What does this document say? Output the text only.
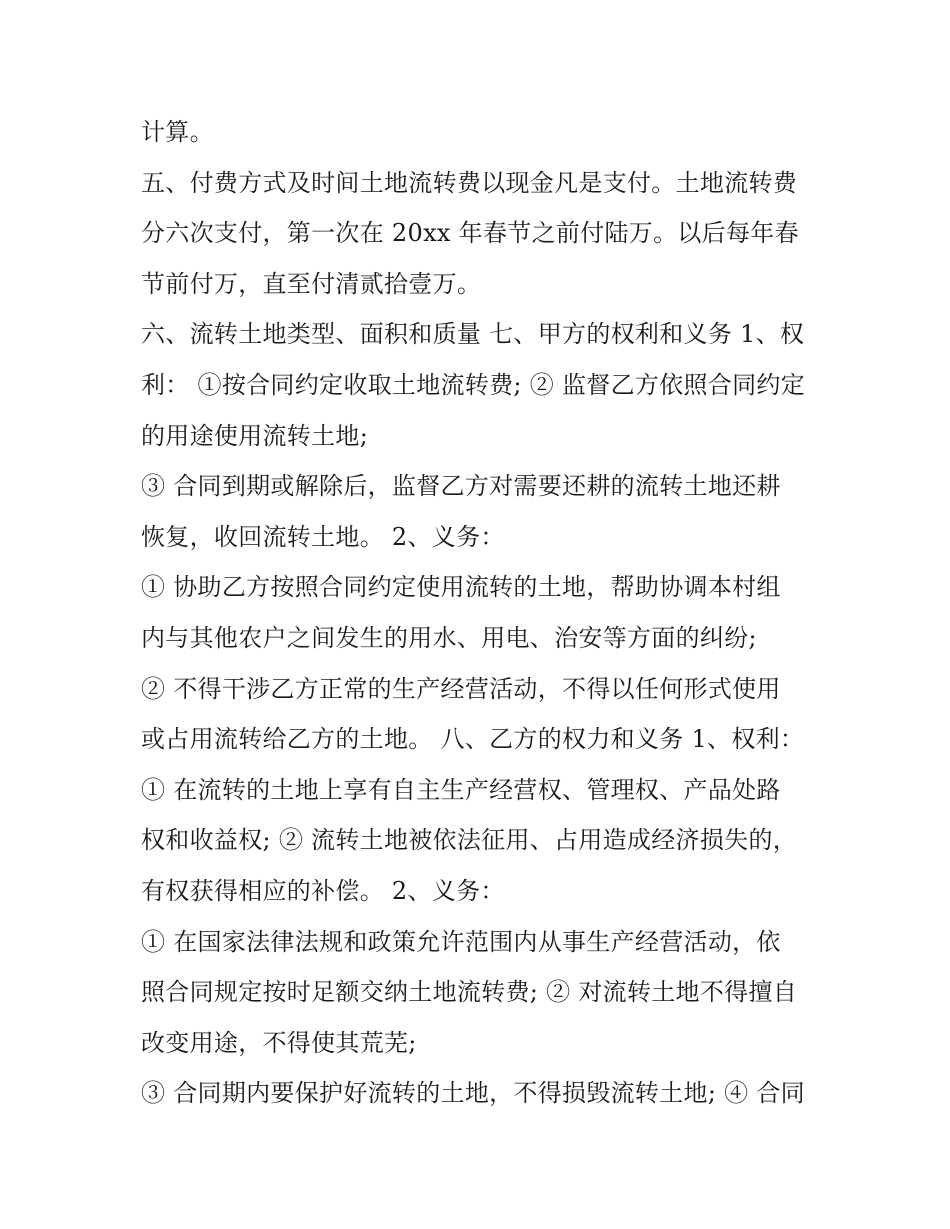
计算。
五、付费方式及时间土地流转费以现金凡是支付。土地流转费
分六次支付，第一次在 20xx 年春节之前付陆万。以后每年春
节前付万，直至付清贰拾壹万。
六、流转土地类型、面积和质量 七、甲方的权利和义务 1、权
利： ①按合同约定收取土地流转费; ② 监督乙方依照合同约定
的用途使用流转土地;
③ 合同到期或解除后，监督乙方对需要还耕的流转土地还耕
恢复，收回流转土地。 2、义务：
① 协助乙方按照合同约定使用流转的土地，帮助协调本村组
内与其他农户之间发生的用水、用电、治安等方面的纠纷;
② 不得干涉乙方正常的生产经营活动，不得以任何形式使用
或占用流转给乙方的土地。 八、乙方的权力和义务 1、权利：
① 在流转的土地上享有自主生产经营权、管理权、产品处路
权和收益权; ② 流转土地被依法征用、占用造成经济损失的，
有权获得相应的补偿。 2、义务：
① 在国家法律法规和政策允许范围内从事生产经营活动，依
照合同规定按时足额交纳土地流转费; ② 对流转土地不得擅自
改变用途，不得使其荒芜;
③ 合同期内要保护好流转的土地，不得损毁流转土地; ④ 合同
